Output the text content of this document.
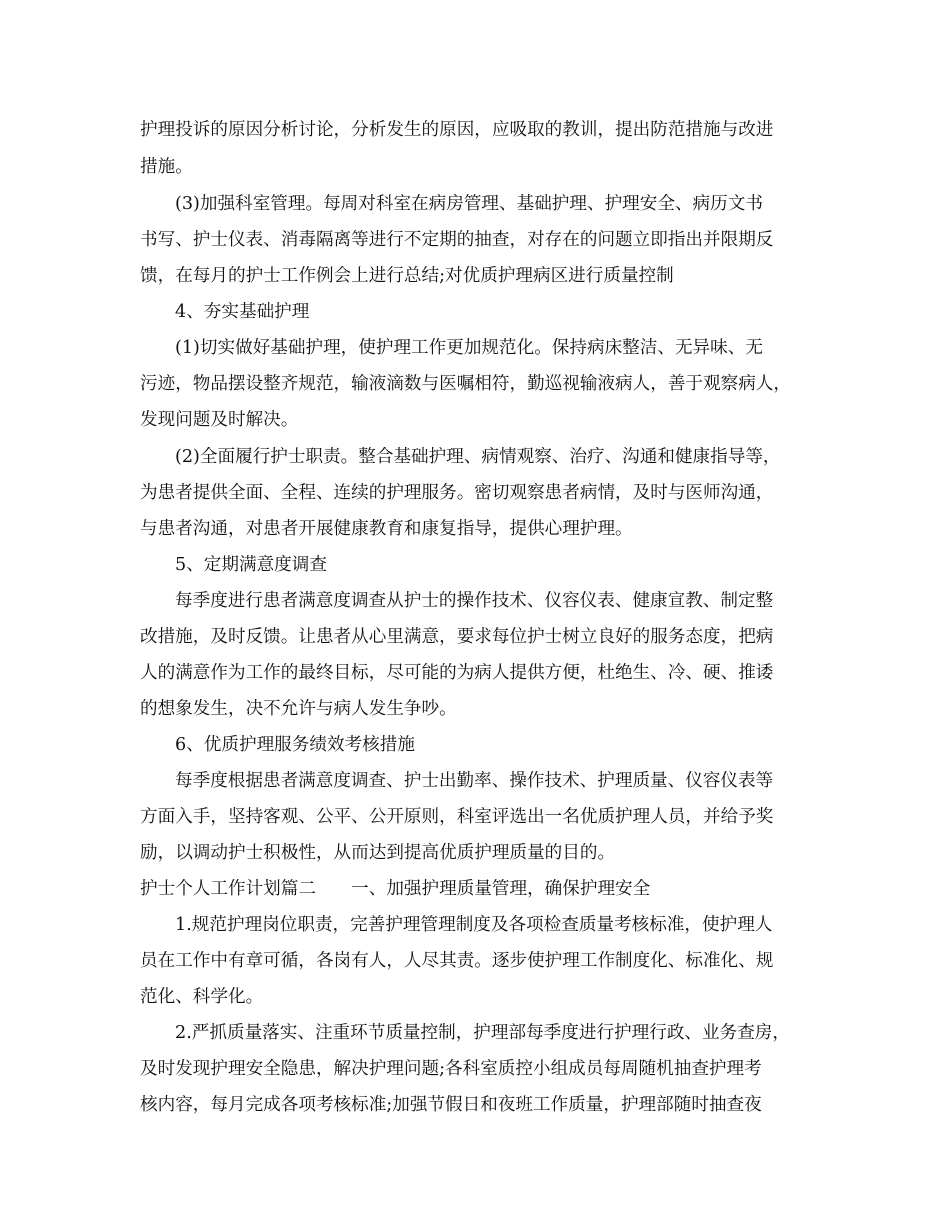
护理投诉的原因分析讨论，分析发生的原因，应吸取的教训，提出防范措施与改进
措施。
(3)加强科室管理。每周对科室在病房管理、基础护理、护理安全、病历文书
书写、护士仪表、消毒隔离等进行不定期的抽查，对存在的问题立即指出并限期反
馈，在每月的护士工作例会上进行总结;对优质护理病区进行质量控制
4、夯实基础护理
(1)切实做好基础护理，使护理工作更加规范化。保持病床整洁、无异味、无
污迹，物品摆设整齐规范，输液滴数与医嘱相符，勤巡视输液病人，善于观察病人，
发现问题及时解决。
(2)全面履行护士职责。整合基础护理、病情观察、治疗、沟通和健康指导等，
为患者提供全面、全程、连续的护理服务。密切观察患者病情，及时与医师沟通，
与患者沟通，对患者开展健康教育和康复指导，提供心理护理。
5、定期满意度调查
每季度进行患者满意度调查从护士的操作技术、仪容仪表、健康宣教、制定整
改措施，及时反馈。让患者从心里满意，要求每位护士树立良好的服务态度，把病
人的满意作为工作的最终目标，尽可能的为病人提供方便，杜绝生、冷、硬、推诿
的想象发生，决不允许与病人发生争吵。
6、优质护理服务绩效考核措施
每季度根据患者满意度调查、护士出勤率、操作技术、护理质量、仪容仪表等
方面入手，坚持客观、公平、公开原则，科室评选出一名优质护理人员，并给予奖
励，以调动护士积极性，从而达到提高优质护理质量的目的。
护士个人工作计划篇二　　一、加强护理质量管理，确保护理安全
1.规范护理岗位职责，完善护理管理制度及各项检查质量考核标准，使护理人
员在工作中有章可循，各岗有人，人尽其责。逐步使护理工作制度化、标准化、规
范化、科学化。
2.严抓质量落实、注重环节质量控制，护理部每季度进行护理行政、业务查房，
及时发现护理安全隐患，解决护理问题;各科室质控小组成员每周随机抽查护理考
核内容，每月完成各项考核标准;加强节假日和夜班工作质量，护理部随时抽查夜
